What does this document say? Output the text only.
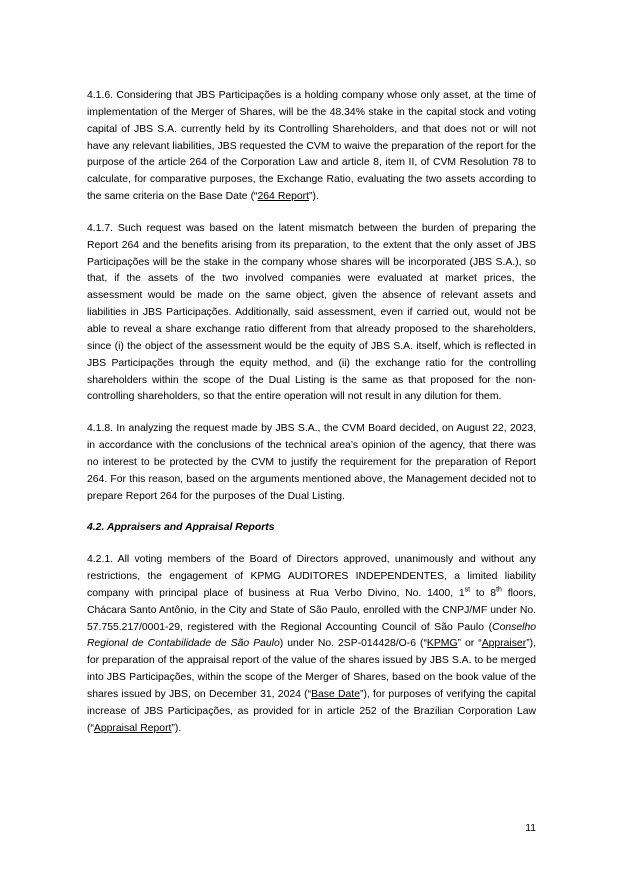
4.1.6. Considering that JBS Participações is a holding company whose only asset, at the time of implementation of the Merger of Shares, will be the 48.34% stake in the capital stock and voting capital of JBS S.A. currently held by its Controlling Shareholders, and that does not or will not have any relevant liabilities, JBS requested the CVM to waive the preparation of the report for the purpose of the article 264 of the Corporation Law and article 8, item II, of CVM Resolution 78 to calculate, for comparative purposes, the Exchange Ratio, evaluating the two assets according to the same criteria on the Base Date (“264 Report”).

4.1.7. Such request was based on the latent mismatch between the burden of preparing the Report 264 and the benefits arising from its preparation, to the extent that the only asset of JBS Participações will be the stake in the company whose shares will be incorporated (JBS S.A.), so that, if the assets of the two involved companies were evaluated at market prices, the assessment would be made on the same object, given the absence of relevant assets and liabilities in JBS Participações. Additionally, said assessment, even if carried out, would not be able to reveal a share exchange ratio different from that already proposed to the shareholders, since (i) the object of the assessment would be the equity of JBS S.A. itself, which is reflected in JBS Participações through the equity method, and (ii) the exchange ratio for the controlling shareholders within the scope of the Dual Listing is the same as that proposed for the non-controlling shareholders, so that the entire operation will not result in any dilution for them.

4.1.8. In analyzing the request made by JBS S.A., the CVM Board decided, on August 22, 2023, in accordance with the conclusions of the technical area’s opinion of the agency, that there was no interest to be protected by the CVM to justify the requirement for the preparation of Report 264. For this reason, based on the arguments mentioned above, the Management decided not to prepare Report 264 for the purposes of the Dual Listing.

4.2. Appraisers and Appraisal Reports

4.2.1. All voting members of the Board of Directors approved, unanimously and without any restrictions, the engagement of KPMG AUDITORES INDEPENDENTES, a limited liability company with principal place of business at Rua Verbo Divino, No. 1400, 1st to 8th floors, Chácara Santo Antônio, in the City and State of São Paulo, enrolled with the CNPJ/MF under No. 57.755.217/0001-29, registered with the Regional Accounting Council of São Paulo (Conselho Regional de Contabilidade de São Paulo) under No. 2SP-014428/O-6 (“KPMG” or “Appraiser”), for preparation of the appraisal report of the value of the shares issued by JBS S.A. to be merged into JBS Participações, within the scope of the Merger of Shares, based on the book value of the shares issued by JBS, on December 31, 2024 (“Base Date”), for purposes of verifying the capital increase of JBS Participações, as provided for in article 252 of the Brazilian Corporation Law (“Appraisal Report”).

11
